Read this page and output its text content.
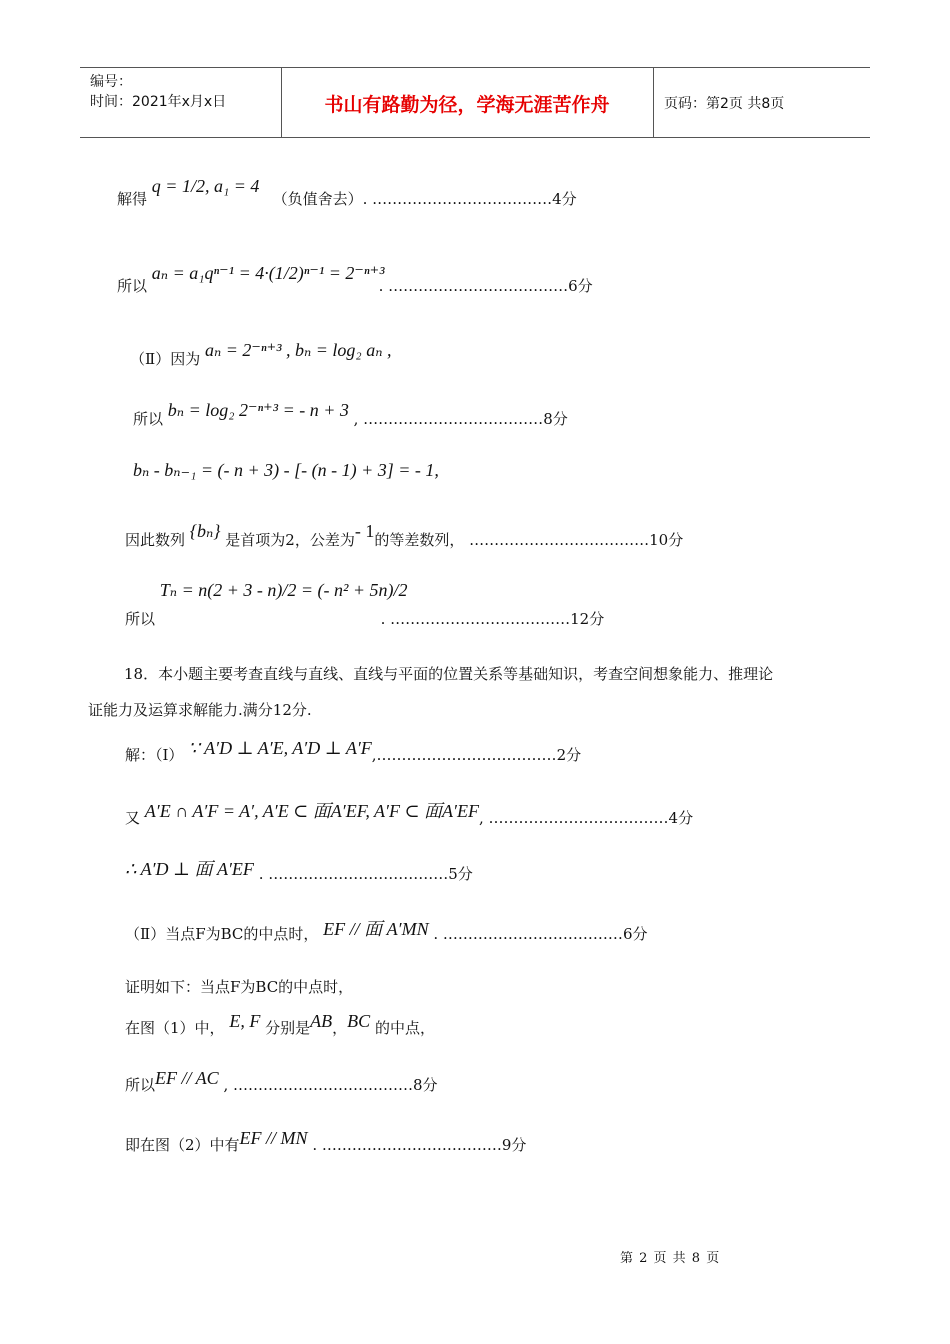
编号：
时间：2021年x月x日	书山有路勤为径，学海无涯苦作舟	页码：第2页 共8页
解得 q = 1/2, a₁ = 4 （负值舍去）. ………………………………4分
所以 aₙ = a₁qⁿ⁻¹ = 4·(1/2)ⁿ⁻¹ = 2⁻ⁿ⁺³ . ………………………………6分
（Ⅱ）因为 aₙ = 2⁻ⁿ⁺³ , bₙ = log₂ aₙ ,
所以 bₙ = log₂ 2⁻ⁿ⁺³ = - n + 3 , ………………………………8分
bₙ - bₙ₋₁ = (- n + 3) - [- (n - 1) + 3] = - 1,
因此数列 {bₙ} 是首项为2，公差为- 1的等差数列， ………………………………10分
所以 Tₙ = n(2 + 3 - n)/2 = (- n² + 5n)/2 . ………………………………12分
18．本小题主要考查直线与直线、直线与平面的位置关系等基础知识，考查空间想象能力、推理论
证能力及运算求解能力.满分12分.
解：（Ⅰ） ∵ A′D ⊥ A′E, A′D ⊥ A′F,………………………………2分
又 A′E ∩ A′F = A′, A′E ⊂ 面A′EF, A′F ⊂ 面A′EF, ………………………………4分
∴ A′D ⊥ 面 A′EF . ………………………………5分
（Ⅱ）当点F为BC的中点时， EF // 面 A′MN . ………………………………6分
证明如下：当点F为BC的中点时，
在图（1）中， E, F 分别是AB，BC 的中点，
所以EF // AC , ………………………………8分
即在图（2）中有EF // MN . ………………………………9分
第 2 页 共 8 页
